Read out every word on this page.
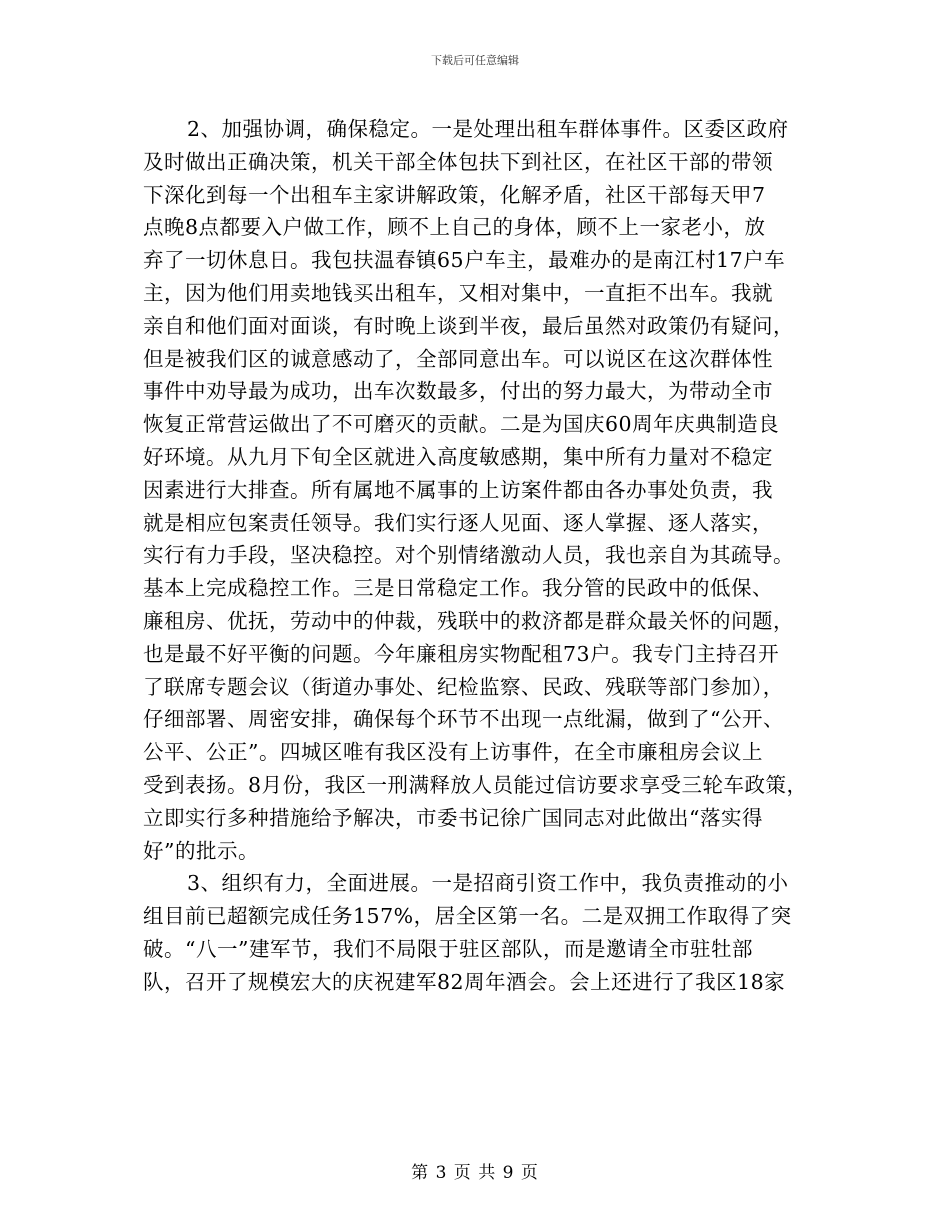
下载后可任意编辑
2、加强协调，确保稳定。一是处理出租车群体事件。区委区政府
及时做出正确决策，机关干部全体包扶下到社区，在社区干部的带领
下深化到每一个出租车主家讲解政策，化解矛盾，社区干部每天甲7
点晚8点都要入户做工作，顾不上自己的身体，顾不上一家老小，放
弃了一切休息日。我包扶温春镇65户车主，最难办的是南江村17户车
主，因为他们用卖地钱买出租车，又相对集中，一直拒不出车。我就
亲自和他们面对面谈，有时晚上谈到半夜，最后虽然对政策仍有疑问，
但是被我们区的诚意感动了，全部同意出车。可以说区在这次群体性
事件中劝导最为成功，出车次数最多，付出的努力最大，为带动全市
恢复正常营运做出了不可磨灭的贡献。二是为国庆60周年庆典制造良
好环境。从九月下旬全区就进入高度敏感期，集中所有力量对不稳定
因素进行大排查。所有属地不属事的上访案件都由各办事处负责，我
就是相应包案责任领导。我们实行逐人见面、逐人掌握、逐人落实，
实行有力手段，坚决稳控。对个别情绪激动人员，我也亲自为其疏导。
基本上完成稳控工作。三是日常稳定工作。我分管的民政中的低保、
廉租房、优抚，劳动中的仲裁，残联中的救济都是群众最关怀的问题，
也是最不好平衡的问题。今年廉租房实物配租73户。我专门主持召开
了联席专题会议（街道办事处、纪检监察、民政、残联等部门参加），
仔细部署、周密安排，确保每个环节不出现一点纰漏，做到了“公开、
公平、公正”。四城区唯有我区没有上访事件，在全市廉租房会议上
受到表扬。8月份，我区一刑满释放人员能过信访要求享受三轮车政策，
立即实行多种措施给予解决，市委书记徐广国同志对此做出“落实得
好”的批示。
3、组织有力，全面进展。一是招商引资工作中，我负责推动的小
组目前已超额完成任务157%，居全区第一名。二是双拥工作取得了突
破。“八一”建军节，我们不局限于驻区部队，而是邀请全市驻牡部
队，召开了规模宏大的庆祝建军82周年酒会。会上还进行了我区18家
第 3 页 共 9 页
